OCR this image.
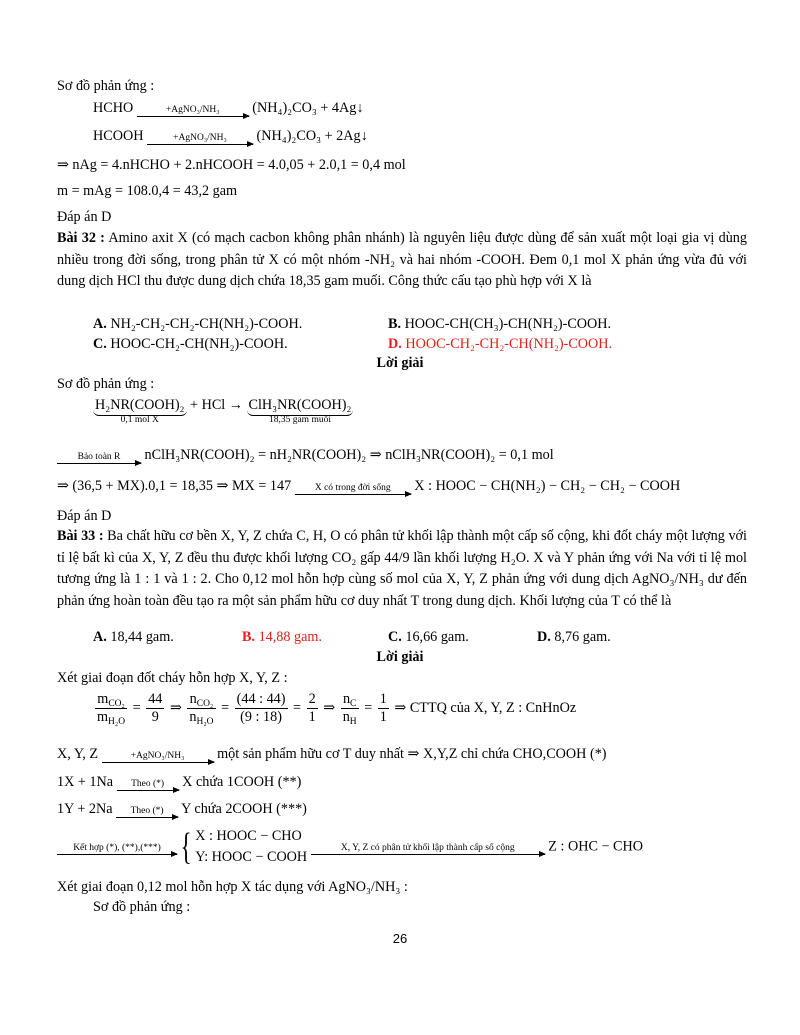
Sơ đồ phản ứng :
HCHO	+AgNO₃/NH₃	(NH₄)₂CO₃ + 4Ag↓
HCOOH	+AgNO₃/NH₃	(NH₄)₂CO₃ + 2Ag↓
⇒ nAg = 4.nHCHO + 2.nHCOOH = 4.0,05 + 2.0,1 = 0,4 mol
m = mAg = 108.0,4 = 43,2 gam
Đáp án D
Bài 32 : Amino axit X (có mạch cacbon không phân nhánh) là nguyên liệu được dùng để sản xuất một loại gia vị dùng nhiều trong đời sống, trong phân tử X có một nhóm -NH₂ và hai nhóm -COOH. Đem 0,1 mol X phản ứng vừa đủ với dung dịch HCl thu được dung dịch chứa 18,35 gam muối. Công thức cấu tạo phù hợp với X là
A. NH₂-CH₂-CH₂-CH(NH₂)-COOH.	B. HOOC-CH(CH₃)-CH(NH₂)-COOH.
C. HOOC-CH₂-CH(NH₂)-COOH.	D. HOOC-CH₂-CH₂-CH(NH₂)-COOH.
Lời giải
Sơ đồ phản ứng :
H₂NR(COOH)₂
0,1 mol X
+ HCl → ClH₃NR(COOH)₂
18,35 gam muối
Bảo toàn R	nClH₃NR(COOH)₂ = nH₂NR(COOH)₂ ⇒ nClH₃NR(COOH)₂ = 0,1 mol
⇒ (36,5 + MX).0,1 = 18,35 ⇒ MX = 147	X có trong đời sống	X : HOOC − CH(NH₂) − CH₂ − CH₂ − COOH
Đáp án D
Bài 33 : Ba chất hữu cơ bền X, Y, Z chứa C, H, O có phân tử khối lập thành một cấp số cộng, khi đốt cháy một lượng với tỉ lệ bất kì của X, Y, Z đều thu được khối lượng CO₂ gấp 44/9 lần khối lượng H₂O. X và Y phản ứng với Na với tỉ lệ mol tương ứng là 1 : 1 và 1 : 2. Cho 0,12 mol hỗn hợp cùng số mol của X, Y, Z phản ứng với dung dịch AgNO₃/NH₃ dư đến phản ứng hoàn toàn đều tạo ra một sản phẩm hữu cơ duy nhất T trong dung dịch. Khối lượng của T có thể là
A. 18,44 gam.	B. 14,88 gam.	C. 16,66 gam.	D. 8,76 gam.
Lời giải
Xét giai đoạn đốt cháy hỗn hợp X, Y, Z :
$\frac{m_{CO_2}}{m_{H_2O}} = \frac{44}{9}$ ⇒ $\frac{n_{CO_2}}{n_{H_2O}} = \frac{(44 : 44)}{(9 : 18)} = \frac{2}{1}$ ⇒ $\frac{n_C}{n_H} = \frac{1}{1}$ ⇒ CTTQ của X, Y, Z : CnHnOz
X, Y, Z	+AgNO₃/NH₃	một sản phẩm hữu cơ T duy nhất ⇒ X,Y,Z chỉ chứa CHO,COOH (*)
1X + 1Na	Theo (*)	X chứa 1COOH (**)
1Y + 2Na	Theo (*)	Y chứa 2COOH (***)
Kết hợp (*), (**),(***) { X : HOOC − CHO
Y: HOOC − COOH

X, Y, Z có phân tử khối lập thành cấp số cộng	Z : OHC − CHO
Xét giai đoạn 0,12 mol hỗn hợp X tác dụng với AgNO₃/NH₃ :
Sơ đồ phản ứng :
26
